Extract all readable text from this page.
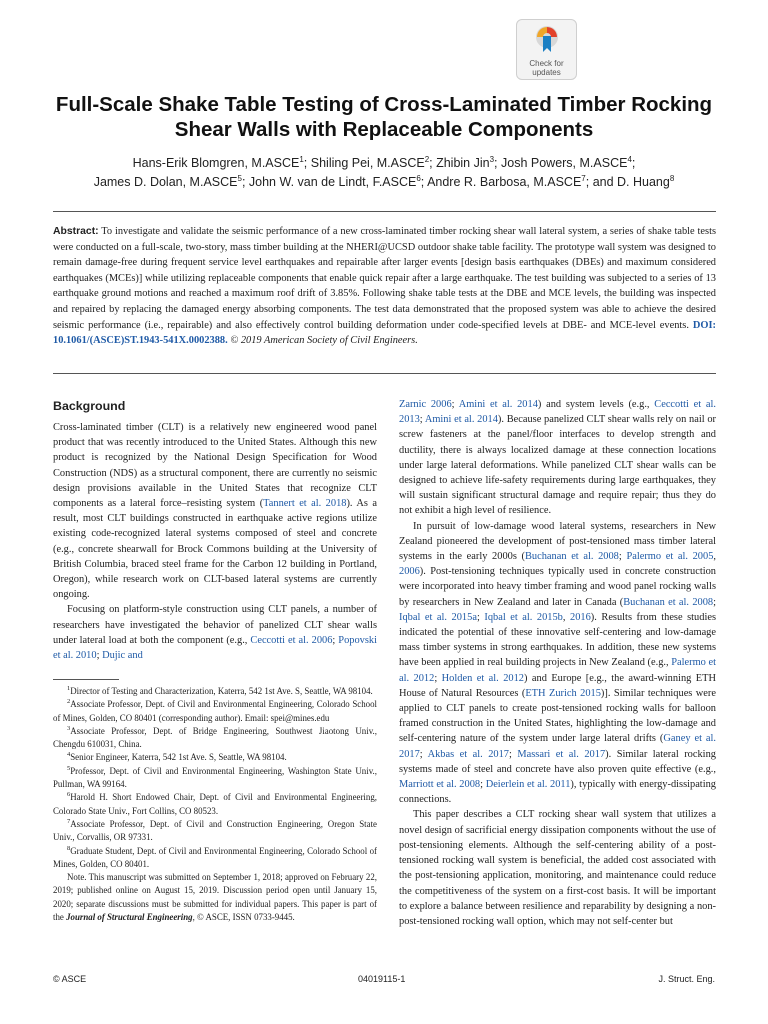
Check for
updates
Full-Scale Shake Table Testing of Cross-Laminated Timber Rocking Shear Walls with Replaceable Components
Hans-Erik Blomgren, M.ASCE$^1$; Shiling Pei, M.ASCE$^2$; Zhibin Jin$^3$; Josh Powers, M.ASCE$^4$;
James D. Dolan, M.ASCE$^5$; John W. van de Lindt, F.ASCE$^6$; Andre R. Barbosa, M.ASCE$^7$; and D. Huang$^8$
Abstract: To investigate and validate the seismic performance of a new cross-laminated timber rocking shear wall lateral system, a series of shake table tests were conducted on a full-scale, two-story, mass timber building at the NHERI@UCSD outdoor shake table facility. The prototype wall system was designed to remain damage-free during frequent service level earthquakes and repairable after larger events [design basis earthquakes (DBEs) and maximum considered earthquakes (MCEs)] while utilizing replaceable components that enable quick repair after a large earthquake. The test building was subjected to a series of 13 earthquake ground motions and reached a maximum roof drift of 3.85%. Following shake table tests at the DBE and MCE levels, the building was inspected and repaired by replacing the damaged energy absorbing components. The test data demonstrated that the proposed system was able to achieve the desired seismic performance (i.e., repairable) and also effectively control building deformation under code-specified levels at DBE- and MCE-level events. DOI: 10.1061/(ASCE)ST.1943-541X.0002388. © 2019 American Society of Civil Engineers.
Background

Cross-laminated timber (CLT) is a relatively new engineered wood panel product that was recently introduced to the United States. Although this new product is recognized by the National Design Specification for Wood Construction (NDS) as a structural component, there are currently no seismic design provisions available in the United States that recognize CLT components as a lateral force–resisting system (Tannert et al. 2018). As a result, most CLT buildings constructed in earthquake active regions utilize existing code-recognized lateral systems composed of steel and concrete (e.g., concrete shearwall for Brock Commons building at the University of British Columbia, braced steel frame for the Carbon 12 building in Portland, Oregon), while research work on CLT-based lateral systems are currently ongoing.

Focusing on platform-style construction using CLT panels, a number of researchers have investigated the behavior of panelized CLT shear walls under lateral load at both the component (e.g., Ceccotti et al. 2006; Popovski et al. 2010; Dujic and

$^1$Director of Testing and Characterization, Katerra, 542 1st Ave. S, Seattle, WA 98104.

$^2$Associate Professor, Dept. of Civil and Environmental Engineering, Colorado School of Mines, Golden, CO 80401 (corresponding author). Email: spei@mines.edu

$^3$Associate Professor, Dept. of Bridge Engineering, Southwest Jiaotong Univ., Chengdu 610031, China.

$^4$Senior Engineer, Katerra, 542 1st Ave. S, Seattle, WA 98104.

$^5$Professor, Dept. of Civil and Environmental Engineering, Washington State Univ., Pullman, WA 99164.

$^6$Harold H. Short Endowed Chair, Dept. of Civil and Environmental Engineering, Colorado State Univ., Fort Collins, CO 80523.

$^7$Associate Professor, Dept. of Civil and Construction Engineering, Oregon State Univ., Corvallis, OR 97331.

$^8$Graduate Student, Dept. of Civil and Environmental Engineering, Colorado School of Mines, Golden, CO 80401.

Note. This manuscript was submitted on September 1, 2018; approved on February 22, 2019; published online on August 15, 2019. Discussion period open until January 15, 2020; separate discussions must be submitted for individual papers. This paper is part of the Journal of Structural Engineering, © ASCE, ISSN 0733-9445.

Zarnic 2006; Amini et al. 2014) and system levels (e.g., Ceccotti et al. 2013; Amini et al. 2014). Because panelized CLT shear walls rely on nail or screw fasteners at the panel/floor interfaces to develop strength and ductility, there is always localized damage at these connection locations under large lateral deformations. While panelized CLT shear walls can be designed to achieve life-safety requirements during large earthquakes, they will sustain significant structural damage and require repair; thus they do not exhibit a high level of resilience.

In pursuit of low-damage wood lateral systems, researchers in New Zealand pioneered the development of post-tensioned mass timber lateral systems in the early 2000s (Buchanan et al. 2008; Palermo et al. 2005, 2006). Post-tensioning techniques typically used in concrete construction were incorporated into heavy timber framing and wood panel rocking walls by researchers in New Zealand and later in Canada (Buchanan et al. 2008; Iqbal et al. 2015a; Iqbal et al. 2015b, 2016). Results from these studies indicated the potential of these innovative self-centering and low-damage mass timber systems in strong earthquakes. In addition, these new systems have been applied in real building projects in New Zealand (e.g., Palermo et al. 2012; Holden et al. 2012) and Europe [e.g., the award-winning ETH House of Natural Resources (ETH Zurich 2015)]. Similar techniques were applied to CLT panels to create post-tensioned rocking walls for balloon framed construction in the United States, highlighting the low-damage and self-centering nature of the system under large lateral drifts (Ganey et al. 2017; Akbas et al. 2017; Massari et al. 2017). Similar lateral rocking systems made of steel and concrete have also proven quite effective (e.g., Marriott et al. 2008; Deierlein et al. 2011), typically with energy-dissipating connections.

This paper describes a CLT rocking shear wall system that utilizes a novel design of sacrificial energy dissipation components without the use of post-tensioning elements. Although the self-centering ability of a post-tensioned rocking wall system is beneficial, the added cost associated with the post-tensioning application, monitoring, and maintenance could reduce the competitiveness of the system on a first-cost basis. It will be important to explore a balance between resilience and reparability by designing a non-post-tensioned rocking wall option, which may not self-center but

© ASCE	04019115-1	J. Struct. Eng.
